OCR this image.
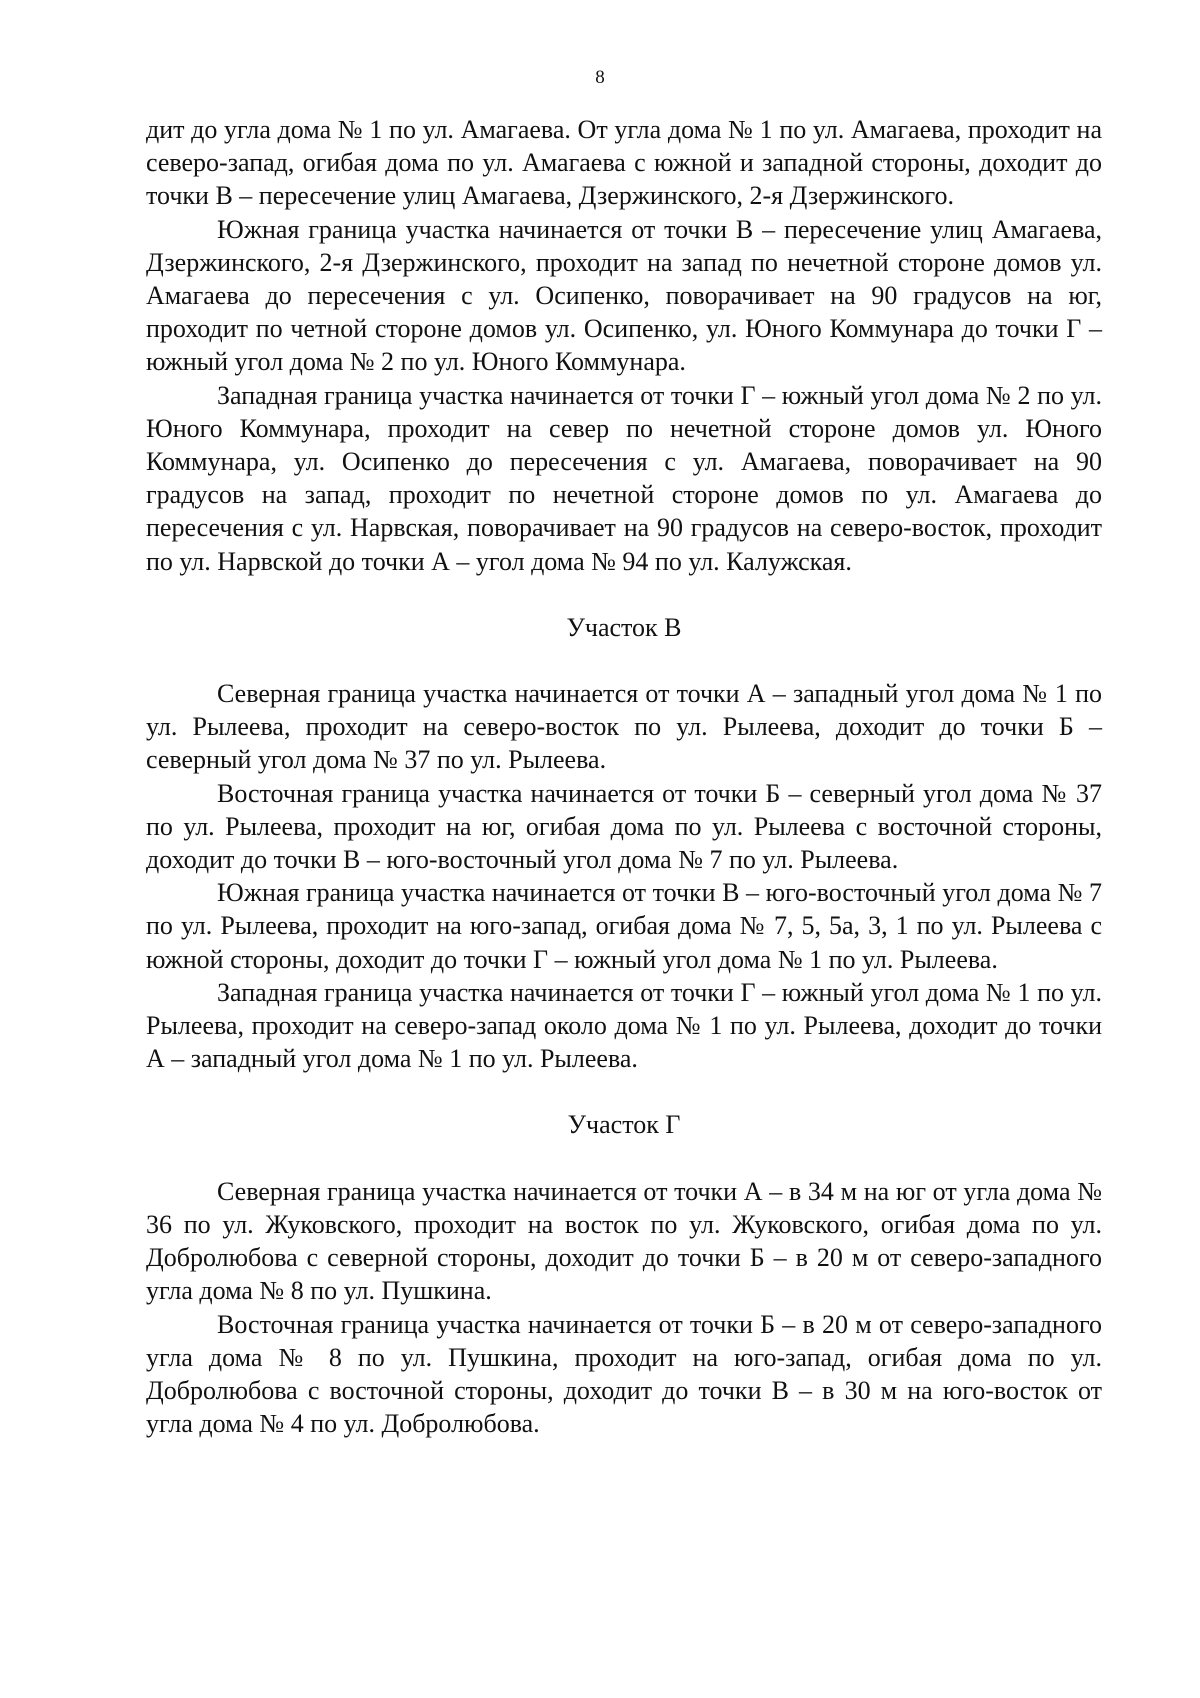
8

дит до угла дома № 1 по ул. Амагаева. От угла дома № 1 по ул. Амагаева, проходит на северо-запад, огибая дома по ул. Амагаева с южной и западной стороны, доходит до точки В – пересечение улиц Амагаева, Дзержинского, 2-я Дзержинского.

Южная граница участка начинается от точки В – пересечение улиц Амагаева, Дзержинского, 2-я Дзержинского, проходит на запад по нечетной стороне домов ул. Амагаева до пересечения с ул. Осипенко, поворачивает на 90 градусов на юг, проходит по четной стороне домов ул. Осипенко, ул. Юного Коммунара до точки Г – южный угол дома № 2 по ул. Юного Коммунара.

Западная граница участка начинается от точки Г – южный угол дома № 2 по ул. Юного Коммунара, проходит на север по нечетной стороне домов ул. Юного Коммунара, ул. Осипенко до пересечения с ул. Амагаева, поворачивает на 90 градусов на запад, проходит по нечетной стороне домов по ул. Амагаева до пересечения с ул. Нарвская, поворачивает на 90 градусов на северо-восток, проходит по ул. Нарвской до точки А – угол дома № 94 по ул. Калужская.

Участок В

Северная граница участка начинается от точки А – западный угол дома № 1 по ул. Рылеева, проходит на северо-восток по ул. Рылеева, доходит до точки Б – северный угол дома № 37 по ул. Рылеева.

Восточная граница участка начинается от точки Б – северный угол дома № 37 по ул. Рылеева, проходит на юг, огибая дома по ул. Рылеева с восточной стороны, доходит до точки В – юго-восточный угол дома № 7 по ул. Рылеева.

Южная граница участка начинается от точки В – юго-восточный угол дома № 7 по ул. Рылеева, проходит на юго-запад, огибая дома № 7, 5, 5а, 3, 1 по ул. Рылеева с южной стороны, доходит до точки Г – южный угол дома № 1 по ул. Рылеева.

Западная граница участка начинается от точки Г – южный угол дома № 1 по ул. Рылеева, проходит на северо-запад около дома № 1 по ул. Рылеева, доходит до точки А – западный угол дома № 1 по ул. Рылеева.

Участок Г

Северная граница участка начинается от точки А – в 34 м на юг от угла дома № 36 по ул. Жуковского, проходит на восток по ул. Жуковского, огибая дома по ул. Добролюбова с северной стороны, доходит до точки Б – в 20 м от северо-западного угла дома № 8 по ул. Пушкина.

Восточная граница участка начинается от точки Б – в 20 м от северо-западного угла дома № 8 по ул. Пушкина, проходит на юго-запад, огибая дома по ул. Добролюбова с восточной стороны, доходит до точки В – в 30 м на юго-восток от угла дома № 4 по ул. Добролюбова.
